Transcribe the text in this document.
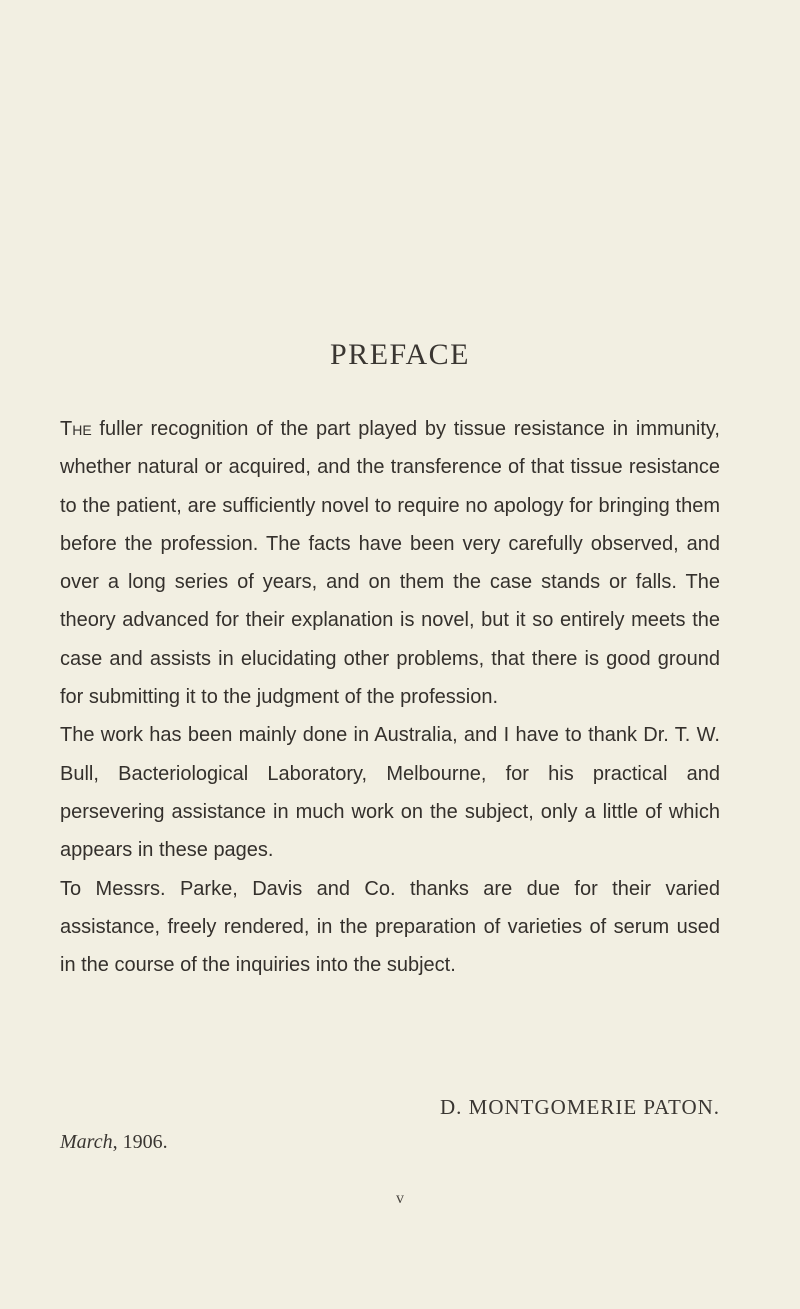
PREFACE

The fuller recognition of the part played by tissue resistance in immunity, whether natural or acquired, and the transference of that tissue resistance to the patient, are sufficiently novel to require no apology for bringing them before the profession. The facts have been very carefully observed, and over a long series of years, and on them the case stands or falls. The theory advanced for their explanation is novel, but it so entirely meets the case and assists in elucidating other problems, that there is good ground for submitting it to the judgment of the profession.

The work has been mainly done in Australia, and I have to thank Dr. T. W. Bull, Bacteriological Laboratory, Melbourne, for his practical and persevering assistance in much work on the subject, only a little of which appears in these pages.

To Messrs. Parke, Davis and Co. thanks are due for their varied assistance, freely rendered, in the preparation of varieties of serum used in the course of the inquiries into the subject.

D. MONTGOMERIE PATON.
March, 1906.
v
